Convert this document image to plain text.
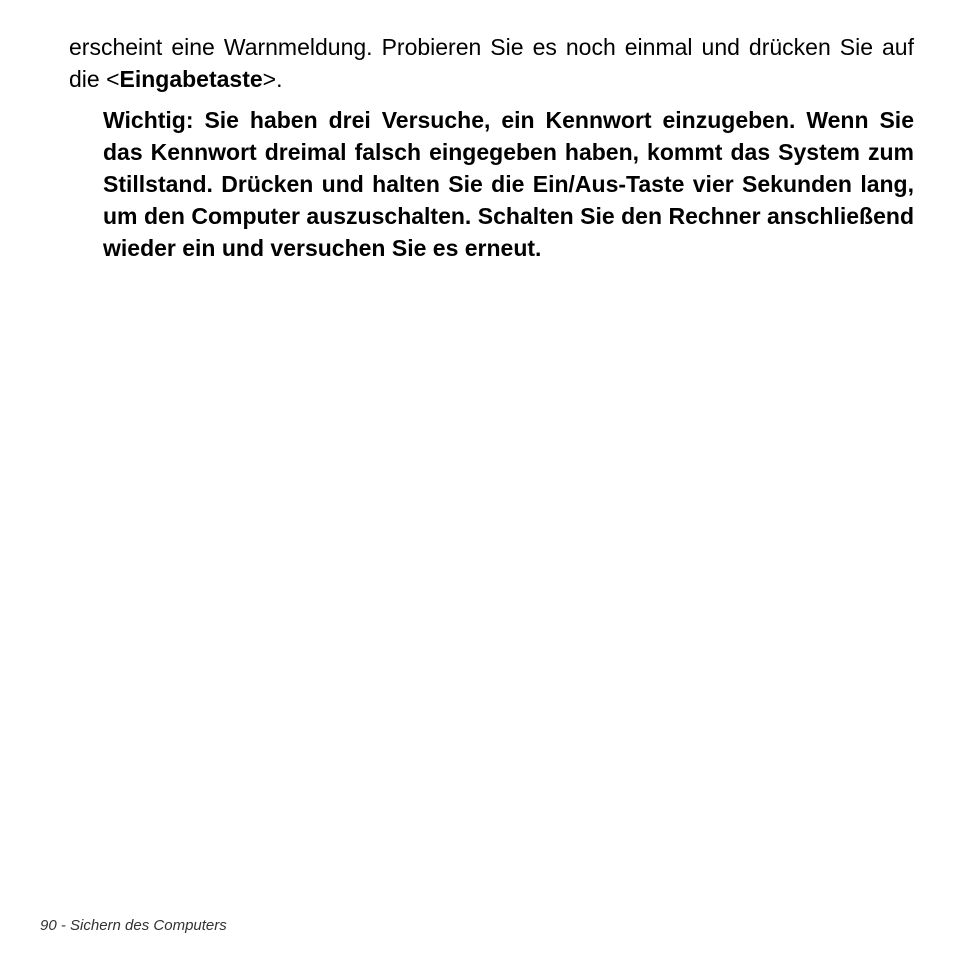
erscheint eine Warnmeldung. Probieren Sie es noch einmal und drücken Sie auf die <Eingabetaste>.

Wichtig: Sie haben drei Versuche, ein Kennwort einzugeben. Wenn Sie das Kennwort dreimal falsch eingegeben haben, kommt das System zum Stillstand. Drücken und halten Sie die Ein/Aus-Taste vier Sekunden lang, um den Computer auszuschalten. Schalten Sie den Rechner anschließend wieder ein und versuchen Sie es erneut.

90 - Sichern des Computers
